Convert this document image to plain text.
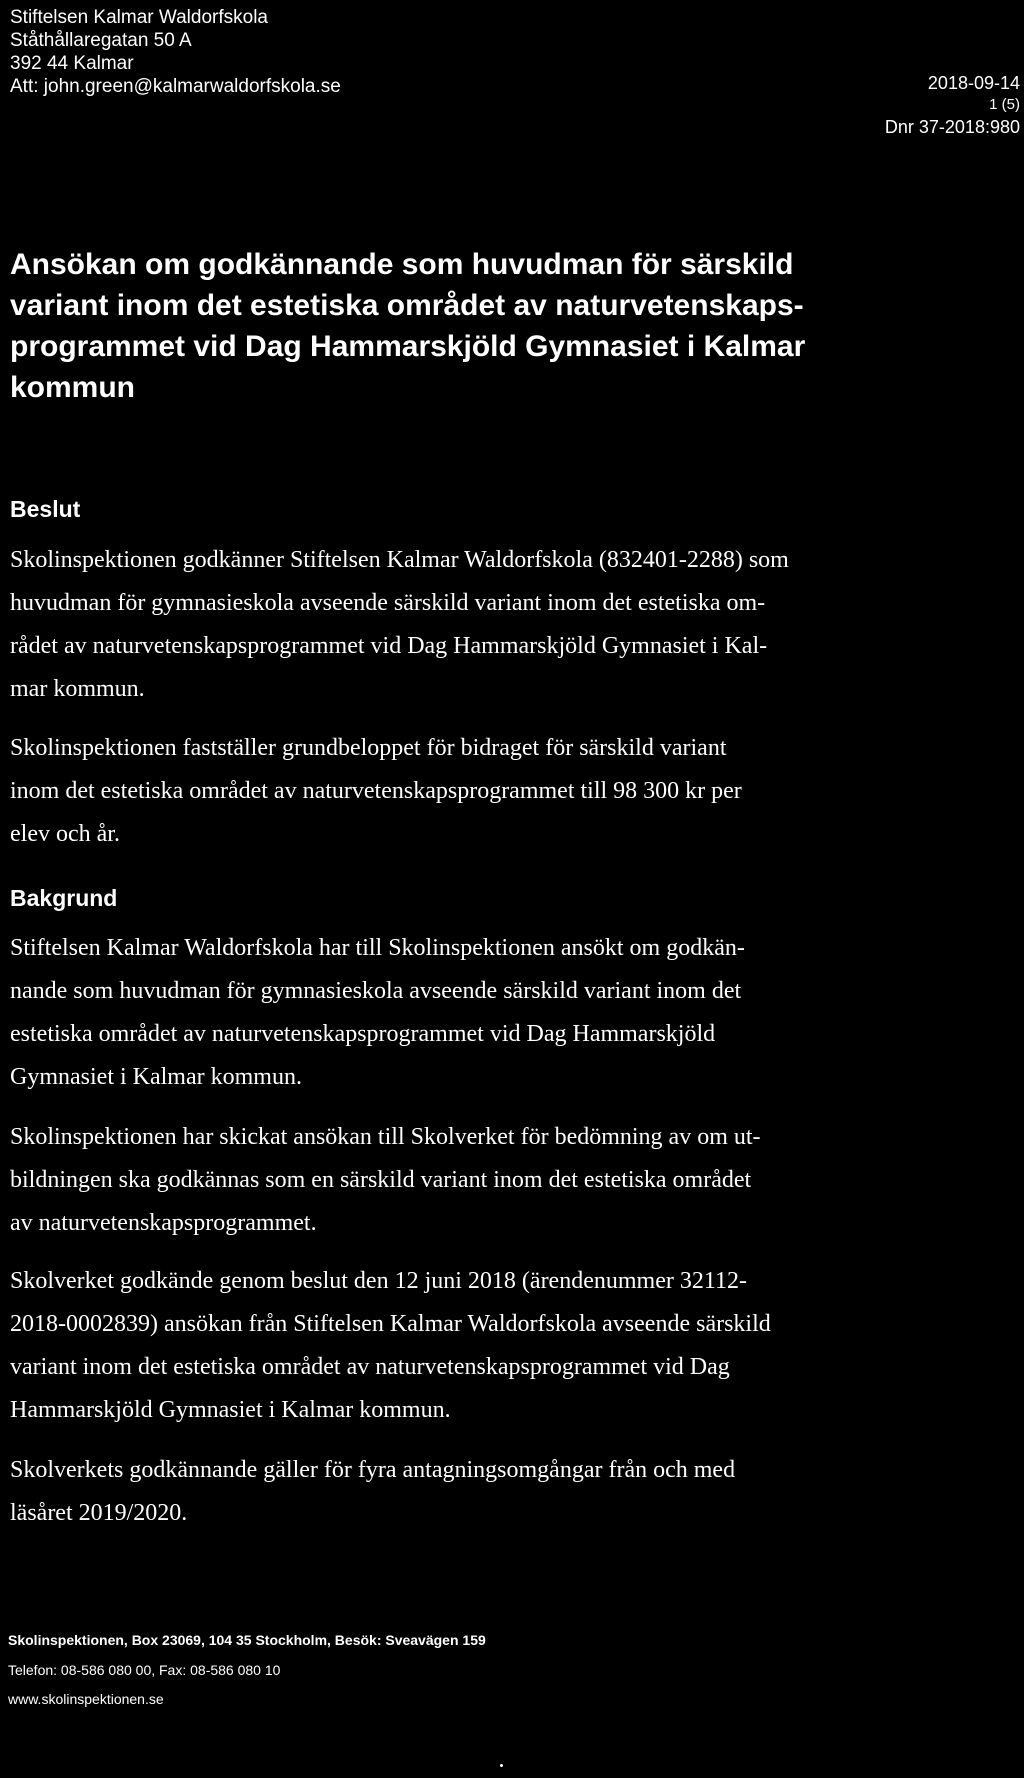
Stiftelsen Kalmar Waldorfskola
Ståthållaregatan 50 A
392 44 Kalmar
Att: john.green@kalmarwaldorfskola.se	2018-09-14
1 (5)
Dnr 37-2018:980
Ansökan om godkännande som huvudman för särskild
variant inom det estetiska området av naturvetenskaps-
programmet vid Dag Hammarskjöld Gymnasiet i Kalmar
kommun
Beslut

Skolinspektionen godkänner Stiftelsen Kalmar Waldorfskola (832401-2288) som
huvudman för gymnasieskola avseende särskild variant inom det estetiska om-
rådet av naturvetenskapsprogrammet vid Dag Hammarskjöld Gymnasiet i Kal-
mar kommun.

Skolinspektionen fastställer grundbeloppet för bidraget för särskild variant
inom det estetiska området av naturvetenskapsprogrammet till 98 300 kr per
elev och år.

Bakgrund

Stiftelsen Kalmar Waldorfskola har till Skolinspektionen ansökt om godkän-
nande som huvudman för gymnasieskola avseende särskild variant inom det
estetiska området av naturvetenskapsprogrammet vid Dag Hammarskjöld
Gymnasiet i Kalmar kommun.

Skolinspektionen har skickat ansökan till Skolverket för bedömning av om ut-
bildningen ska godkännas som en särskild variant inom det estetiska området
av naturvetenskapsprogrammet.

Skolverket godkände genom beslut den 12 juni 2018 (ärendenummer 32112-
2018-0002839) ansökan från Stiftelsen Kalmar Waldorfskola avseende särskild
variant inom det estetiska området av naturvetenskapsprogrammet vid Dag
Hammarskjöld Gymnasiet i Kalmar kommun.

Skolverkets godkännande gäller för fyra antagningsomgångar från och med
läsåret 2019/2020.

Skolinspektionen, Box 23069, 104 35 Stockholm, Besök: Sveavägen 159
Telefon: 08-586 080 00, Fax: 08-586 080 10
www.skolinspektionen.se
